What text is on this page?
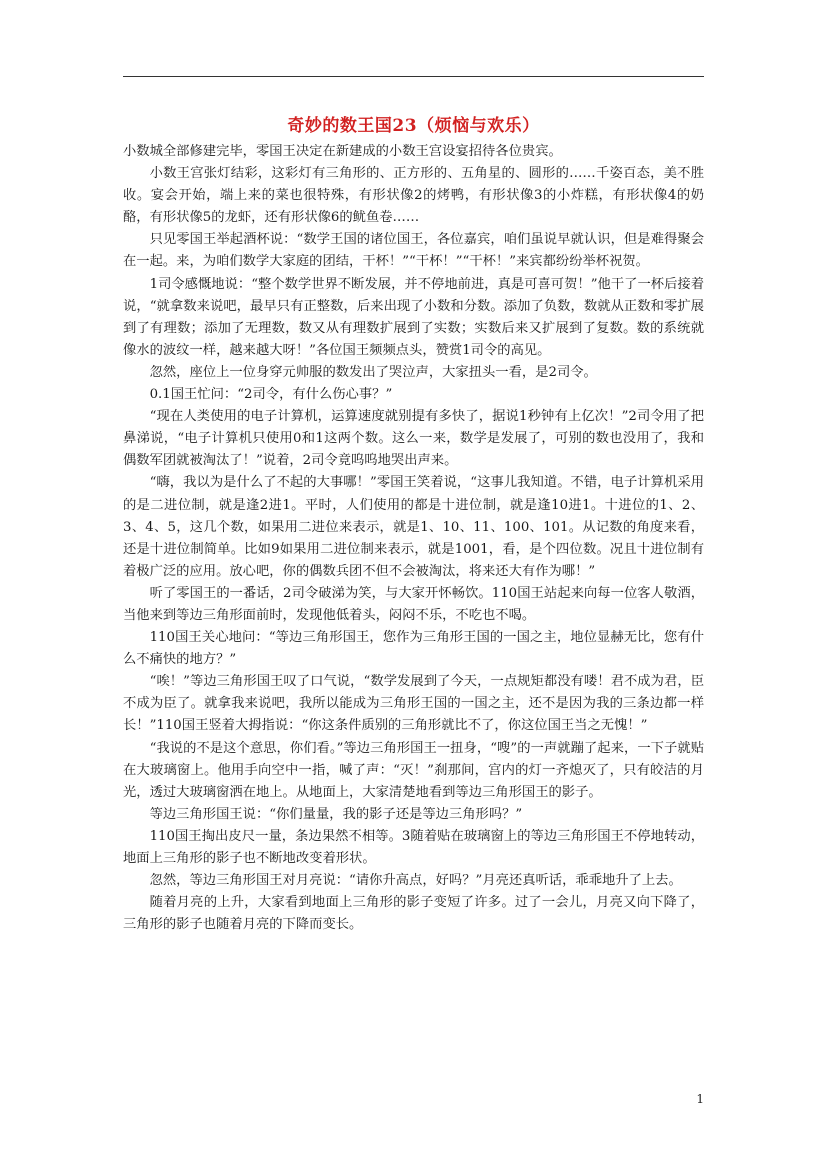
奇妙的数王国23（烦恼与欢乐）

小数城全部修建完毕，零国王决定在新建成的小数王宫设宴招待各位贵宾。

小数王宫张灯结彩，这彩灯有三角形的、正方形的、五角星的、圆形的……千姿百态，美不胜收。宴会开始，端上来的菜也很特殊，有形状像2的烤鸭，有形状像3的小炸糕，有形状像4的奶酪，有形状像5的龙虾，还有形状像6的鱿鱼卷……

只见零国王举起酒杯说：“数学王国的诸位国王，各位嘉宾，咱们虽说早就认识，但是难得聚会在一起。来，为咱们数学大家庭的团结，干杯！”“干杯！”“干杯！”来宾都纷纷举杯祝贺。

1司令感慨地说：“整个数学世界不断发展，并不停地前进，真是可喜可贺！”他干了一杯后接着说，“就拿数来说吧，最早只有正整数，后来出现了小数和分数。添加了负数，数就从正数和零扩展到了有理数；添加了无理数，数又从有理数扩展到了实数；实数后来又扩展到了复数。数的系统就像水的波纹一样，越来越大呀！”各位国王频频点头，赞赏1司令的高见。

忽然，座位上一位身穿元帅服的数发出了哭泣声，大家扭头一看，是2司令。

0.1国王忙问：“2司令，有什么伤心事？”

“现在人类使用的电子计算机，运算速度就别提有多快了，据说1秒钟有上亿次！”2司令用了把鼻涕说，“电子计算机只使用0和1这两个数。这么一来，数学是发展了，可别的数也没用了，我和偶数军团就被淘汰了！”说着，2司令竟呜呜地哭出声来。

“嗨，我以为是什么了不起的大事哪！”零国王笑着说，“这事儿我知道。不错，电子计算机采用的是二进位制，就是逢2进1。平时，人们使用的都是十进位制，就是逢10进1。十进位的1、2、3、4、5，这几个数，如果用二进位来表示，就是1、10、11、100、101。从记数的角度来看，还是十进位制简单。比如9如果用二进位制来表示，就是1001，看，是个四位数。况且十进位制有着极广泛的应用。放心吧，你的偶数兵团不但不会被淘汰，将来还大有作为哪！”

听了零国王的一番话，2司令破涕为笑，与大家开怀畅饮。110国王站起来向每一位客人敬酒，当他来到等边三角形面前时，发现他低着头，闷闷不乐，不吃也不喝。

110国王关心地问：“等边三角形国王，您作为三角形王国的一国之主，地位显赫无比，您有什么不痛快的地方？”

“唉！”等边三角形国王叹了口气说，“数学发展到了今天，一点规矩都没有喽！君不成为君，臣不成为臣了。就拿我来说吧，我所以能成为三角形王国的一国之主，还不是因为我的三条边都一样长！”110国王竖着大拇指说：“你这条件质别的三角形就比不了，你这位国王当之无愧！”

“我说的不是这个意思，你们看。”等边三角形国王一扭身，“嗖”的一声就蹦了起来，一下子就贴在大玻璃窗上。他用手向空中一指，喊了声：“灭！”刹那间，宫内的灯一齐熄灭了，只有皎洁的月光，透过大玻璃窗洒在地上。从地面上，大家清楚地看到等边三角形国王的影子。

等边三角形国王说：“你们量量，我的影子还是等边三角形吗？”

110国王掏出皮尺一量，条边果然不相等。3随着贴在玻璃窗上的等边三角形国王不停地转动，地面上三角形的影子也不断地改变着形状。

忽然，等边三角形国王对月亮说：“请你升高点，好吗？”月亮还真听话，乖乖地升了上去。

随着月亮的上升，大家看到地面上三角形的影子变短了许多。过了一会儿，月亮又向下降了，三角形的影子也随着月亮的下降而变长。

1
